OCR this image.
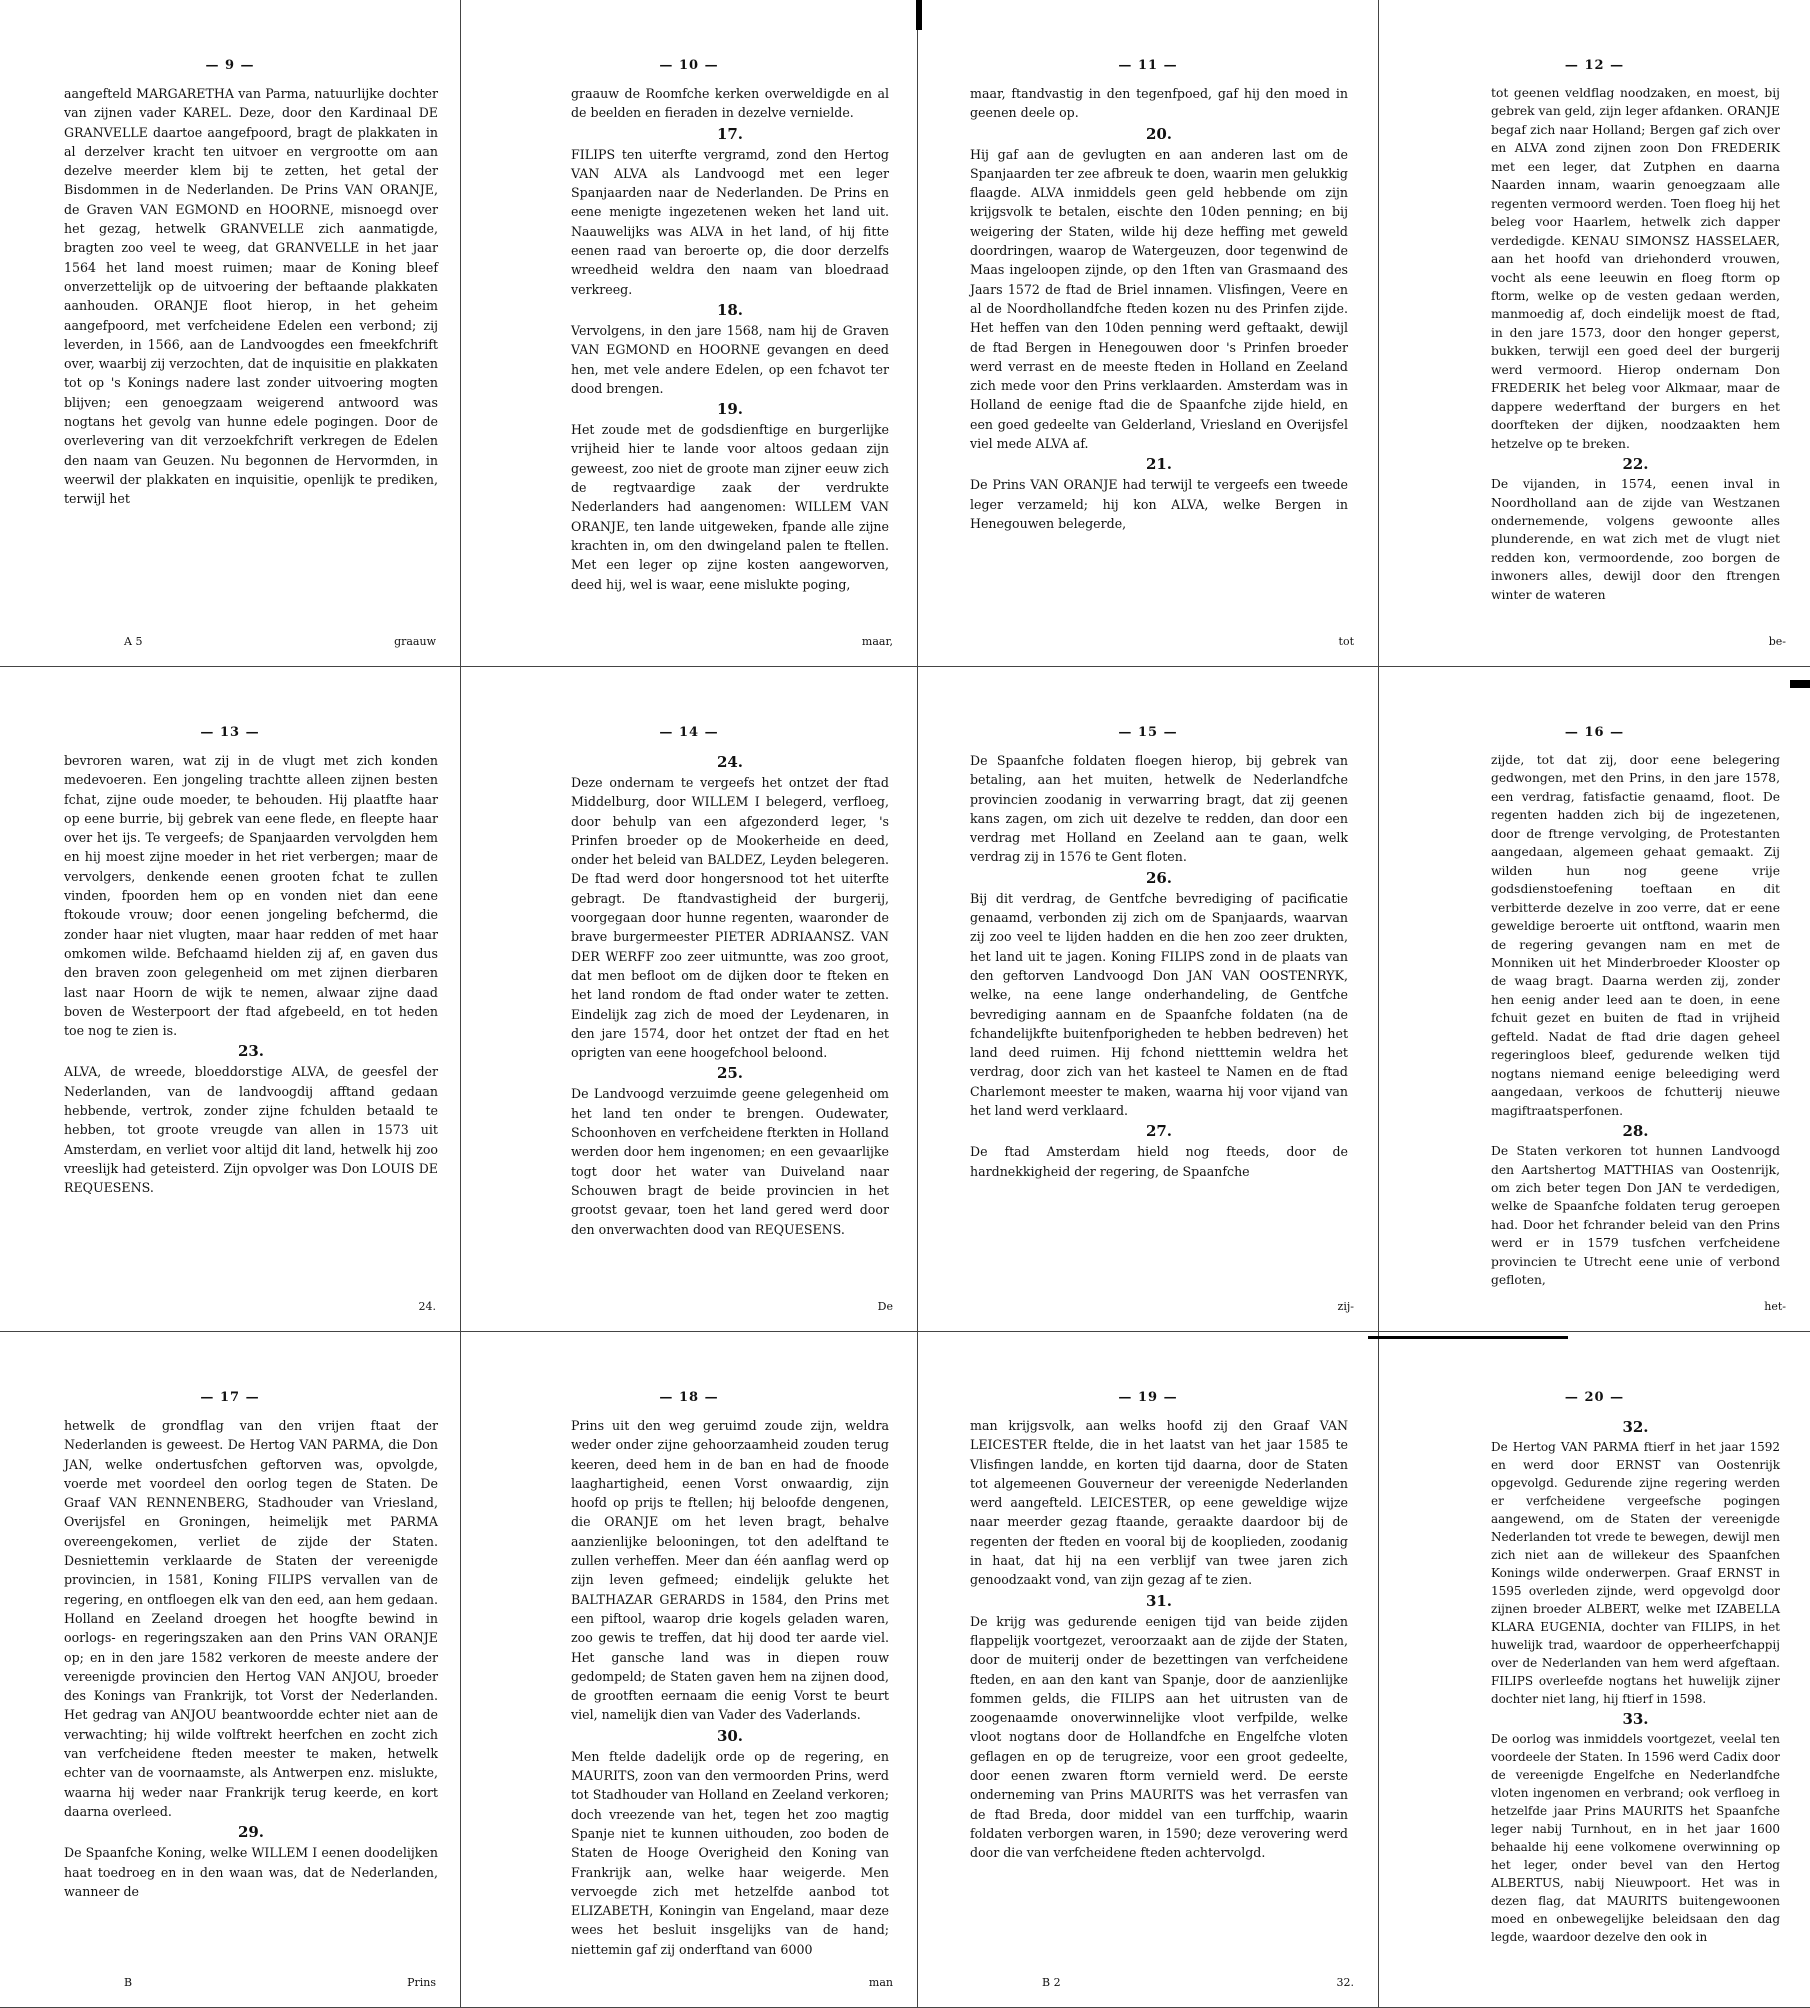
— 9 —
aangefteld MARGARETHA van Parma, natuurlijke dochter van zijnen vader KAREL. Deze, door den Kardinaal DE GRANVELLE daartoe aangefpoord, bragt de plakkaten in al derzelver kracht ten uitvoer en vergrootte om aan dezelve meerder klem bij te zetten, het getal der Bisdommen in de Nederlanden. De Prins VAN ORANJE, de Graven VAN EGMOND en HOORNE, misnoegd over het gezag, hetwelk GRANVELLE zich aanmatigde, bragten zoo veel te weeg, dat GRANVELLE in het jaar 1564 het land moest ruimen; maar de Koning bleef onverzettelijk op de uitvoering der beftaande plakkaten aanhouden. ORANJE floot hierop, in het geheim aangefpoord, met verfcheidene Edelen een verbond; zij leverden, in 1566, aan de Landvoogdes een fmeekfchrift over, waarbij zij verzochten, dat de inquisitie en plakkaten tot op 's Konings nadere last zonder uitvoering mogten blijven; een genoegzaam weigerend antwoord was nogtans het gevolg van hunne edele pogingen. Door de overlevering van dit verzoekfchrift verkregen de Edelen den naam van Geuzen. Nu begonnen de Hervormden, in weerwil der plakkaten en inquisitie, openlijk te prediken, terwijl het
A 5	graauw
— 10 —
graauw de Roomfche kerken overweldigde en al de beelden en fieraden in dezelve vernielde.
17.
FILIPS ten uiterfte vergramd, zond den Hertog VAN ALVA als Landvoogd met een leger Spanjaarden naar de Nederlanden. De Prins en eene menigte ingezetenen weken het land uit. Naauwelijks was ALVA in het land, of hij fitte eenen raad van beroerte op, die door derzelfs wreedheid weldra den naam van bloedraad verkreeg.
18.
Vervolgens, in den jare 1568, nam hij de Graven VAN EGMOND en HOORNE gevangen en deed hen, met vele andere Edelen, op een fchavot ter dood brengen.
19.
Het zoude met de godsdienftige en burgerlijke vrijheid hier te lande voor altoos gedaan zijn geweest, zoo niet de groote man zijner eeuw zich de regtvaardige zaak der verdrukte Nederlanders had aangenomen: WILLEM VAN ORANJE, ten lande uitgeweken, fpande alle zijne krachten in, om den dwingeland palen te ftellen. Met een leger op zijne kosten aangeworven, deed hij, wel is waar, eene mislukte poging,
maar,
— 11 —
maar, ftandvastig in den tegenfpoed, gaf hij den moed in geenen deele op.
20.
Hij gaf aan de gevlugten en aan anderen last om de Spanjaarden ter zee afbreuk te doen, waarin men gelukkig flaagde. ALVA inmiddels geen geld hebbende om zijn krijgsvolk te betalen, eischte den 10den penning; en bij weigering der Staten, wilde hij deze heffing met geweld doordringen, waarop de Watergeuzen, door tegenwind de Maas ingeloopen zijnde, op den 1ften van Grasmaand des Jaars 1572 de ftad de Briel innamen. Vlisfingen, Veere en al de Noordhollandfche fteden kozen nu des Prinfen zijde. Het heffen van den 10den penning werd geftaakt, dewijl de ftad Bergen in Henegouwen door 's Prinfen broeder werd verrast en de meeste fteden in Holland en Zeeland zich mede voor den Prins verklaarden. Amsterdam was in Holland de eenige ftad die de Spaanfche zijde hield, en een goed gedeelte van Gelderland, Vriesland en Overijsfel viel mede ALVA af.
21.
De Prins VAN ORANJE had terwijl te vergeefs een tweede leger verzameld; hij kon ALVA, welke Bergen in Henegouwen belegerde,
tot
— 12 —
tot geenen veldflag noodzaken, en moest, bij gebrek van geld, zijn leger afdanken. ORANJE begaf zich naar Holland; Bergen gaf zich over en ALVA zond zijnen zoon Don FREDERIK met een leger, dat Zutphen en daarna Naarden innam, waarin genoegzaam alle regenten vermoord werden. Toen floeg hij het beleg voor Haarlem, hetwelk zich dapper verdedigde. KENAU SIMONSZ HASSELAER, aan het hoofd van driehonderd vrouwen, vocht als eene leeuwin en floeg ftorm op ftorm, welke op de vesten gedaan werden, manmoedig af, doch eindelijk moest de ftad, in den jare 1573, door den honger geperst, bukken, terwijl een goed deel der burgerij werd vermoord. Hierop ondernam Don FREDERIK het beleg voor Alkmaar, maar de dappere wederftand der burgers en het doorfteken der dijken, noodzaakten hem hetzelve op te breken.
22.
De vijanden, in 1574, eenen inval in Noordholland aan de zijde van Westzanen ondernemende, volgens gewoonte alles plunderende, en wat zich met de vlugt niet redden kon, vermoordende, zoo borgen de inwoners alles, dewijl door den ftrengen winter de wateren
be-
— 13 —
bevroren waren, wat zij in de vlugt met zich konden medevoeren. Een jongeling trachtte alleen zijnen besten fchat, zijne oude moeder, te behouden. Hij plaatfte haar op eene burrie, bij gebrek van eene flede, en fleepte haar over het ijs. Te vergeefs; de Spanjaarden vervolgden hem en hij moest zijne moeder in het riet verbergen; maar de vervolgers, denkende eenen grooten fchat te zullen vinden, fpoorden hem op en vonden niet dan eene ftokoude vrouw; door eenen jongeling befchermd, die zonder haar niet vlugten, maar haar redden of met haar omkomen wilde. Befchaamd hielden zij af, en gaven dus den braven zoon gelegenheid om met zijnen dierbaren last naar Hoorn de wijk te nemen, alwaar zijne daad boven de Westerpoort der ftad afgebeeld, en tot heden toe nog te zien is.
23.
ALVA, de wreede, bloeddorstige ALVA, de geesfel der Nederlanden, van de landvoogdij afftand gedaan hebbende, vertrok, zonder zijne fchulden betaald te hebben, tot groote vreugde van allen in 1573 uit Amsterdam, en verliet voor altijd dit land, hetwelk hij zoo vreeslijk had geteisterd. Zijn opvolger was Don LOUIS DE REQUESENS.
24.
— 14 —
24.
Deze ondernam te vergeefs het ontzet der ftad Middelburg, door WILLEM I belegerd, verfloeg, door behulp van een afgezonderd leger, 's Prinfen broeder op de Mookerheide en deed, onder het beleid van BALDEZ, Leyden belegeren. De ftad werd door hongersnood tot het uiterfte gebragt. De ftandvastigheid der burgerij, voorgegaan door hunne regenten, waaronder de brave burgermeester PIETER ADRIAANSZ. VAN DER WERFF zoo zeer uitmuntte, was zoo groot, dat men befloot om de dijken door te fteken en het land rondom de ftad onder water te zetten. Eindelijk zag zich de moed der Leydenaren, in den jare 1574, door het ontzet der ftad en het oprigten van eene hoogefchool beloond.
25.
De Landvoogd verzuimde geene gelegenheid om het land ten onder te brengen. Oudewater, Schoonhoven en verfcheidene fterkten in Holland werden door hem ingenomen; en een gevaarlijke togt door het water van Duiveland naar Schouwen bragt de beide provincien in het grootst gevaar, toen het land gered werd door den onverwachten dood van REQUESENS.
De
— 15 —
De Spaanfche foldaten floegen hierop, bij gebrek van betaling, aan het muiten, hetwelk de Nederlandfche provincien zoodanig in verwarring bragt, dat zij geenen kans zagen, om zich uit dezelve te redden, dan door een verdrag met Holland en Zeeland aan te gaan, welk verdrag zij in 1576 te Gent floten.
26.
Bij dit verdrag, de Gentfche bevrediging of pacificatie genaamd, verbonden zij zich om de Spanjaards, waarvan zij zoo veel te lijden hadden en die hen zoo zeer drukten, het land uit te jagen. Koning FILIPS zond in de plaats van den geftorven Landvoogd Don JAN VAN OOSTENRYK, welke, na eene lange onderhandeling, de Gentfche bevrediging aannam en de Spaanfche foldaten (na de fchandelijkfte buitenfporigheden te hebben bedreven) het land deed ruimen. Hij fchond nietttemin weldra het verdrag, door zich van het kasteel te Namen en de ftad Charlemont meester te maken, waarna hij voor vijand van het land werd verklaard.
27.
De ftad Amsterdam hield nog fteeds, door de hardnekkigheid der regering, de Spaanfche
zij-
— 16 —
zijde, tot dat zij, door eene belegering gedwongen, met den Prins, in den jare 1578, een verdrag, fatisfactie genaamd, floot. De regenten hadden zich bij de ingezetenen, door de ftrenge vervolging, de Protestanten aangedaan, algemeen gehaat gemaakt. Zij wilden hun nog geene vrije godsdienstoefening toeftaan en dit verbitterde dezelve in zoo verre, dat er eene geweldige beroerte uit ontftond, waarin men de regering gevangen nam en met de Monniken uit het Minderbroeder Klooster op de waag bragt. Daarna werden zij, zonder hen eenig ander leed aan te doen, in eene fchuit gezet en buiten de ftad in vrijheid gefteld. Nadat de ftad drie dagen geheel regeringloos bleef, gedurende welken tijd nogtans niemand eenige beleediging werd aangedaan, verkoos de fchutterij nieuwe magiftraatsperfonen.
28.
De Staten verkoren tot hunnen Landvoogd den Aartshertog MATTHIAS van Oostenrijk, om zich beter tegen Don JAN te verdedigen, welke de Spaanfche foldaten terug geroepen had. Door het fchrander beleid van den Prins werd er in 1579 tusfchen verfcheidene provincien te Utrecht eene unie of verbond gefloten,
het-
— 17 —
hetwelk de grondflag van den vrijen ftaat der Nederlanden is geweest. De Hertog VAN PARMA, die Don JAN, welke ondertusfchen geftorven was, opvolgde, voerde met voordeel den oorlog tegen de Staten. De Graaf VAN RENNENBERG, Stadhouder van Vriesland, Overijsfel en Groningen, heimelijk met PARMA overeengekomen, verliet de zijde der Staten. Desniettemin verklaarde de Staten der vereenigde provincien, in 1581, Koning FILIPS vervallen van de regering, en ontfloegen elk van den eed, aan hem gedaan. Holland en Zeeland droegen het hoogfte bewind in oorlogs- en regeringszaken aan den Prins VAN ORANJE op; en in den jare 1582 verkoren de meeste andere der vereenigde provincien den Hertog VAN ANJOU, broeder des Konings van Frankrijk, tot Vorst der Nederlanden. Het gedrag van ANJOU beantwoordde echter niet aan de verwachting; hij wilde volftrekt heerfchen en zocht zich van verfcheidene fteden meester te maken, hetwelk echter van de voornaamste, als Antwerpen enz. mislukte, waarna hij weder naar Frankrijk terug keerde, en kort daarna overleed.
29.
De Spaanfche Koning, welke WILLEM I eenen doodelijken haat toedroeg en in den waan was, dat de Nederlanden, wanneer de
B	Prins
— 18 —
Prins uit den weg geruimd zoude zijn, weldra weder onder zijne gehoorzaamheid zouden terug keeren, deed hem in de ban en had de fnoode laaghartigheid, eenen Vorst onwaardig, zijn hoofd op prijs te ftellen; hij beloofde dengenen, die ORANJE om het leven bragt, behalve aanzienlijke belooningen, tot den adelftand te zullen verheffen. Meer dan één aanflag werd op zijn leven gefmeed; eindelijk gelukte het BALTHAZAR GERARDS in 1584, den Prins met een piftool, waarop drie kogels geladen waren, zoo gewis te treffen, dat hij dood ter aarde viel. Het gansche land was in diepen rouw gedompeld; de Staten gaven hem na zijnen dood, de grootften eernaam die eenig Vorst te beurt viel, namelijk dien van Vader des Vaderlands.
30.
Men ftelde dadelijk orde op de regering, en MAURITS, zoon van den vermoorden Prins, werd tot Stadhouder van Holland en Zeeland verkoren; doch vreezende van het, tegen het zoo magtig Spanje niet te kunnen uithouden, zoo boden de Staten de Hooge Overigheid den Koning van Frankrijk aan, welke haar weigerde. Men vervoegde zich met hetzelfde aanbod tot ELIZABETH, Koningin van Engeland, maar deze wees het besluit insgelijks van de hand; niettemin gaf zij onderftand van 6000
man
— 19 —
man krijgsvolk, aan welks hoofd zij den Graaf VAN LEICESTER ftelde, die in het laatst van het jaar 1585 te Vlisfingen landde, en korten tijd daarna, door de Staten tot algemeenen Gouverneur der vereenigde Nederlanden werd aangefteld. LEICESTER, op eene geweldige wijze naar meerder gezag ftaande, geraakte daardoor bij de regenten der fteden en vooral bij de kooplieden, zoodanig in haat, dat hij na een verblijf van twee jaren zich genoodzaakt vond, van zijn gezag af te zien.
31.
De krijg was gedurende eenigen tijd van beide zijden flappelijk voortgezet, veroorzaakt aan de zijde der Staten, door de muiterij onder de bezettingen van verfcheidene fteden, en aan den kant van Spanje, door de aanzienlijke fommen gelds, die FILIPS aan het uitrusten van de zoogenaamde onoverwinnelijke vloot verfpilde, welke vloot nogtans door de Hollandfche en Engelfche vloten geflagen en op de terugreize, voor een groot gedeelte, door eenen zwaren ftorm vernield werd. De eerste onderneming van Prins MAURITS was het verrasfen van de ftad Breda, door middel van een turffchip, waarin foldaten verborgen waren, in 1590; deze verovering werd door die van verfcheidene fteden achtervolgd.
B 2	32.
— 20 —
32.
De Hertog VAN PARMA ftierf in het jaar 1592 en werd door ERNST van Oostenrijk opgevolgd. Gedurende zijne regering werden er verfcheidene vergeefsche pogingen aangewend, om de Staten der vereenigde Nederlanden tot vrede te bewegen, dewijl men zich niet aan de willekeur des Spaanfchen Konings wilde onderwerpen. Graaf ERNST in 1595 overleden zijnde, werd opgevolgd door zijnen broeder ALBERT, welke met IZABELLA KLARA EUGENIA, dochter van FILIPS, in het huwelijk trad, waardoor de opperheerfchappij over de Nederlanden van hem werd afgeftaan. FILIPS overleefde nogtans het huwelijk zijner dochter niet lang, hij ftierf in 1598.
33.
De oorlog was inmiddels voortgezet, veelal ten voordeele der Staten. In 1596 werd Cadix door de vereenigde Engelfche en Nederlandfche vloten ingenomen en verbrand; ook verfloeg in hetzelfde jaar Prins MAURITS het Spaanfche leger nabij Turnhout, en in het jaar 1600 behaalde hij eene volkomene overwinning op het leger, onder bevel van den Hertog ALBERTUS, nabij Nieuwpoort. Het was in dezen flag, dat MAURITS buitengewoonen moed en onbewegelijke beleidsaan den dag legde, waardoor dezelve den ook in
